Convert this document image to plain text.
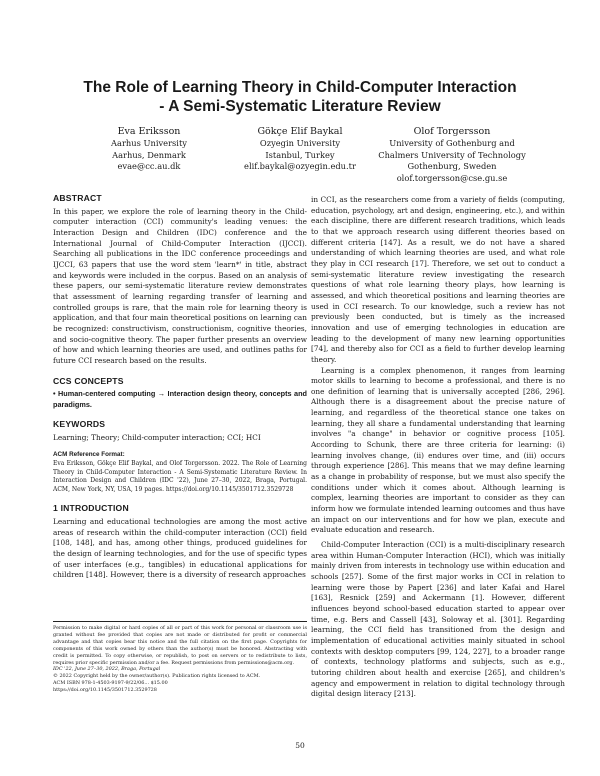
The Role of Learning Theory in Child-Computer Interaction
- A Semi-Systematic Literature Review
Eva Eriksson
Aarhus University
Aarhus, Denmark
evae@cc.au.dk
Gökçe Elif Baykal
Ozyegin University
Istanbul, Turkey
elif.baykal@ozyegin.edu.tr
Olof Torgersson
University of Gothenburg and
Chalmers University of Technology
Gothenburg, Sweden
olof.torgersson@cse.gu.se
ABSTRACT

In this paper, we explore the role of learning theory in the Child-computer interaction (CCI) community's leading venues: the Interaction Design and Children (IDC) conference and the International Journal of Child-Computer Interaction (IJCCI). Searching all publications in the IDC conference proceedings and IJCCI, 63 papers that use the word stem 'learn*' in title, abstract and keywords were included in the corpus. Based on an analysis of these papers, our semi-systematic literature review demonstrates that assessment of learning regarding transfer of learning and controlled groups is rare, that the main role for learning theory is application, and that four main theoretical positions on learning can be recognized: constructivism, constructionism, cognitive theories, and socio-cognitive theory. The paper further presents an overview of how and which learning theories are used, and outlines paths for future CCI research based on the results.

CCS CONCEPTS

• Human-centered computing → Interaction design theory, concepts and paradigms.

KEYWORDS

Learning; Theory; Child-computer interaction; CCI; HCI

ACM Reference Format:

Eva Eriksson, Gökçe Elif Baykal, and Olof Torgersson. 2022. The Role of Learning Theory in Child-Computer Interaction - A Semi-Systematic Literature Review. In Interaction Design and Children (IDC '22), June 27–30, 2022, Braga, Portugal. ACM, New York, NY, USA, 19 pages. https://doi.org/10.1145/3501712.3529728

1 INTRODUCTION

Learning and educational technologies are among the most active areas of research within the child-computer interaction (CCI) field [108, 148], and has, among other things, produced guidelines for the design of learning technologies, and for the use of specific types of user interfaces (e.g., tangibles) in educational applications for children [148]. However, there is a diversity of research approaches

Permission to make digital or hard copies of all or part of this work for personal or classroom use is granted without fee provided that copies are not made or distributed for profit or commercial advantage and that copies bear this notice and the full citation on the first page. Copyrights for components of this work owned by others than the author(s) must be honored. Abstracting with credit is permitted. To copy otherwise, or republish, to post on servers or to redistribute to lists, requires prior specific permission and/or a fee. Request permissions from permissions@acm.org.

IDC '22, June 27–30, 2022, Braga, Portugal

© 2022 Copyright held by the owner/author(s). Publication rights licensed to ACM.

ACM ISBN 978-1-4503-9197-9/22/06... $15.00

https://doi.org/10.1145/3501712.3529728

in CCI, as the researchers come from a variety of fields (computing, education, psychology, art and design, engineering, etc.), and within each discipline, there are different research traditions, which leads to that we approach research using different theories based on different criteria [147]. As a result, we do not have a shared understanding of which learning theories are used, and what role they play in CCI research [17]. Therefore, we set out to conduct a semi-systematic literature review investigating the research questions of what role learning theory plays, how learning is assessed, and which theoretical positions and learning theories are used in CCI research. To our knowledge, such a review has not previously been conducted, but is timely as the increased innovation and use of emerging technologies in education are leading to the development of many new learning opportunities [74], and thereby also for CCI as a field to further develop learning theory.

Learning is a complex phenomenon, it ranges from learning motor skills to learning to become a professional, and there is no one definition of learning that is universally accepted [286, 296]. Although there is a disagreement about the precise nature of learning, and regardless of the theoretical stance one takes on learning, they all share a fundamental understanding that learning involves "a change" in behavior or cognitive process [105]. According to Schunk, there are three criteria for learning: (i) learning involves change, (ii) endures over time, and (iii) occurs through experience [286]. This means that we may define learning as a change in probability of response, but we must also specify the conditions under which it comes about. Although learning is complex, learning theories are important to consider as they can inform how we formulate intended learning outcomes and thus have an impact on our interventions and for how we plan, execute and evaluate education and research.

Child-Computer Interaction (CCI) is a multi-disciplinary research area within Human-Computer Interaction (HCI), which was initially mainly driven from interests in technology use within education and schools [257]. Some of the first major works in CCI in relation to learning were those by Papert [236] and later Kafai and Harel [163], Resnick [259] and Ackermann [1]. However, different influences beyond school-based education started to appear over time, e.g. Bers and Cassell [43], Soloway et al. [301]. Regarding learning, the CCI field has transitioned from the design and implementation of educational activities mainly situated in school contexts with desktop computers [99, 124, 227], to a broader range of contexts, technology platforms and subjects, such as e.g., tutoring children about health and exercise [265], and children's agency and empowerment in relation to digital technology through digital design literacy [213].

50
